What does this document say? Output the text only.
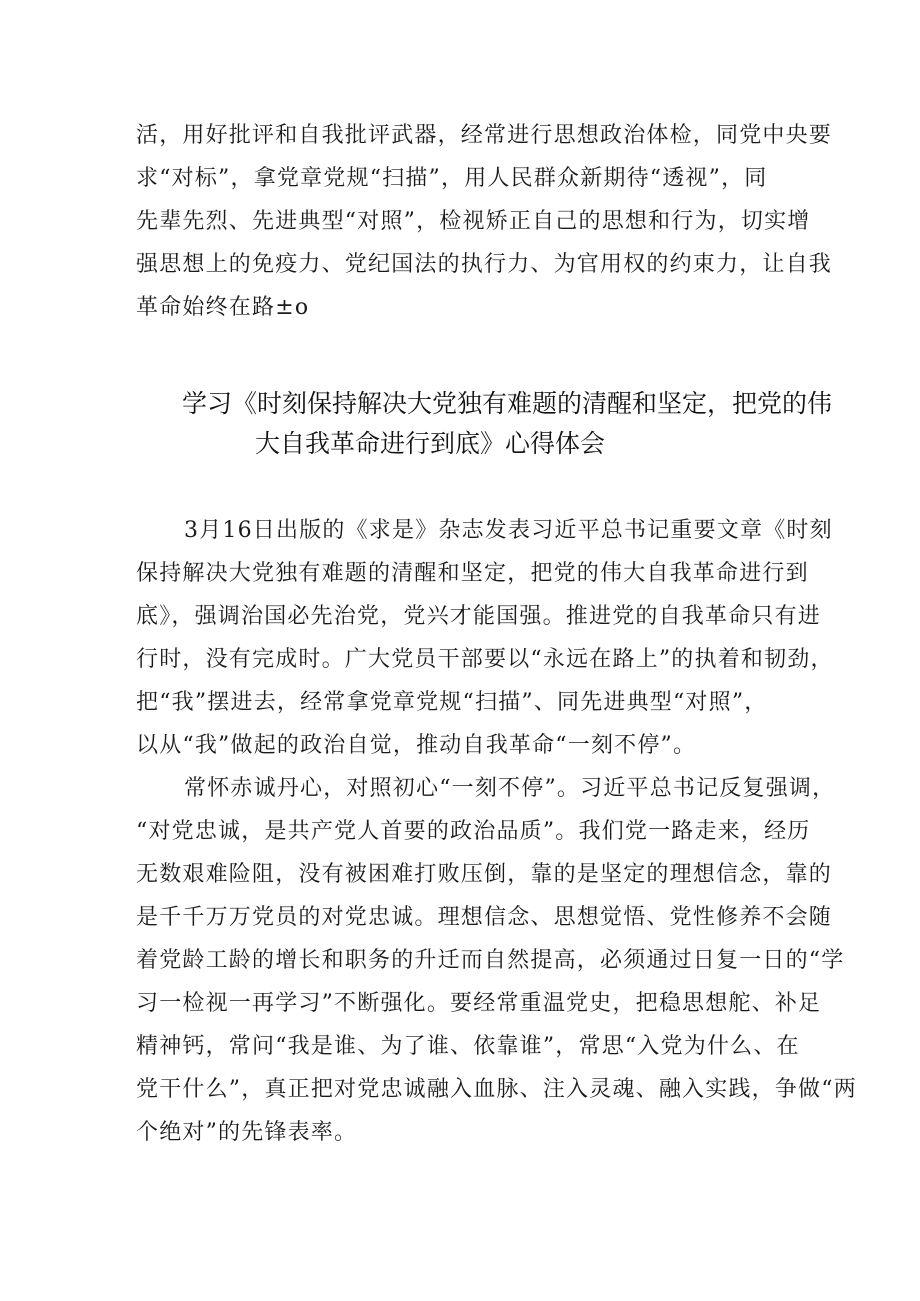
活，用好批评和自我批评武器，经常进行思想政治体检，同党中央要
求“对标”，拿党章党规“扫描”，用人民群众新期待“透视”，同
先辈先烈、先进典型“对照”，检视矫正自己的思想和行为，切实增
强思想上的免疫力、党纪国法的执行力、为官用权的约束力，让自我
革命始终在路±o
学习《时刻保持解决大党独有难题的清醒和坚定，把党的伟
大自我革命进行到底》心得体会
3月16日出版的《求是》杂志发表习近平总书记重要文章《时刻
保持解决大党独有难题的清醒和坚定，把党的伟大自我革命进行到
底》，强调治国必先治党，党兴才能国强。推进党的自我革命只有进
行时，没有完成时。广大党员干部要以“永远在路上”的执着和韧劲，
把“我”摆进去，经常拿党章党规“扫描”、同先进典型“对照”，
以从“我”做起的政治自觉，推动自我革命“一刻不停”。
常怀赤诚丹心，对照初心“一刻不停”。习近平总书记反复强调，
“对党忠诚，是共产党人首要的政治品质”。我们党一路走来，经历
无数艰难险阻，没有被困难打败压倒，靠的是坚定的理想信念，靠的
是千千万万党员的对党忠诚。理想信念、思想觉悟、党性修养不会随
着党龄工龄的增长和职务的升迁而自然提高，必须通过日复一日的“学
习一检视一再学习”不断强化。要经常重温党史，把稳思想舵、补足
精神钙，常问“我是谁、为了谁、依靠谁”，常思“入党为什么、在
党干什么”，真正把对党忠诚融入血脉、注入灵魂、融入实践，争做“两
个绝对”的先锋表率。
